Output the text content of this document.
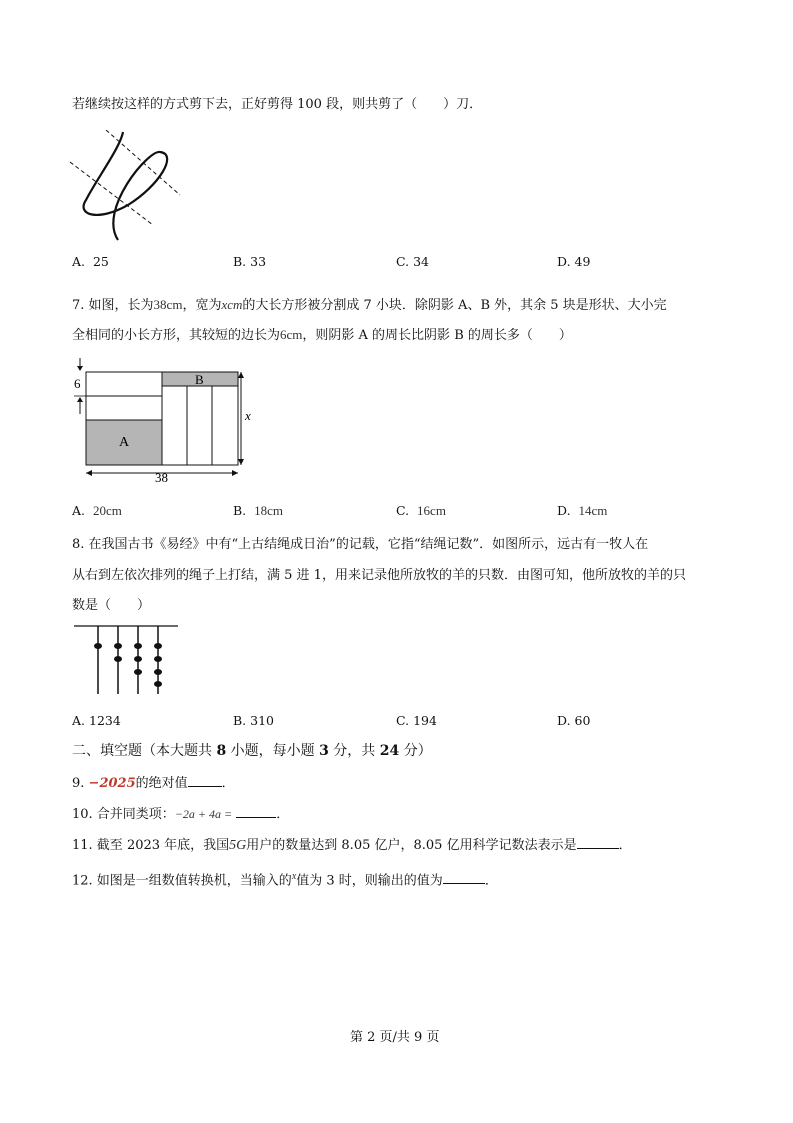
若继续按这样的方式剪下去，正好剪得 100 段，则共剪了（　　）刀．
A. 25	B. 33	C. 34	D. 49
7. 如图，长为38cm，宽为xcm的大长方形被分割成 7 小块．除阴影 A、B 外，其余 5 块是形状、大小完
全相同的小长方形，其较短的边长为6cm，则阴影 A 的周长比阴影 B 的周长多（　　）
6
x
38
A
B
A. 20cm	B. 18cm	C. 16cm	D. 14cm
8. 在我国古书《易经》中有“上古结绳成日治”的记载，它指“结绳记数”．如图所示，远古有一牧人在
从右到左依次排列的绳子上打结，满 5 进 1，用来记录他所放牧的羊的只数．由图可知，他所放牧的羊的只
数是（　　）
A. 1234	B. 310	C. 194	D. 60
二、填空题（本大题共 8 小题，每小题 3 分，共 24 分）
9. −2025的绝对值	．
10. 合并同类项：−2a + 4a =	．
11. 截至 2023 年底，我国5G用户的数量达到 8.05 亿户，8.05 亿用科学记数法表示是	．
12. 如图是一组数值转换机，当输入的$^x$值为 3 时，则输出的值为	．
第 2 页/共 9 页
